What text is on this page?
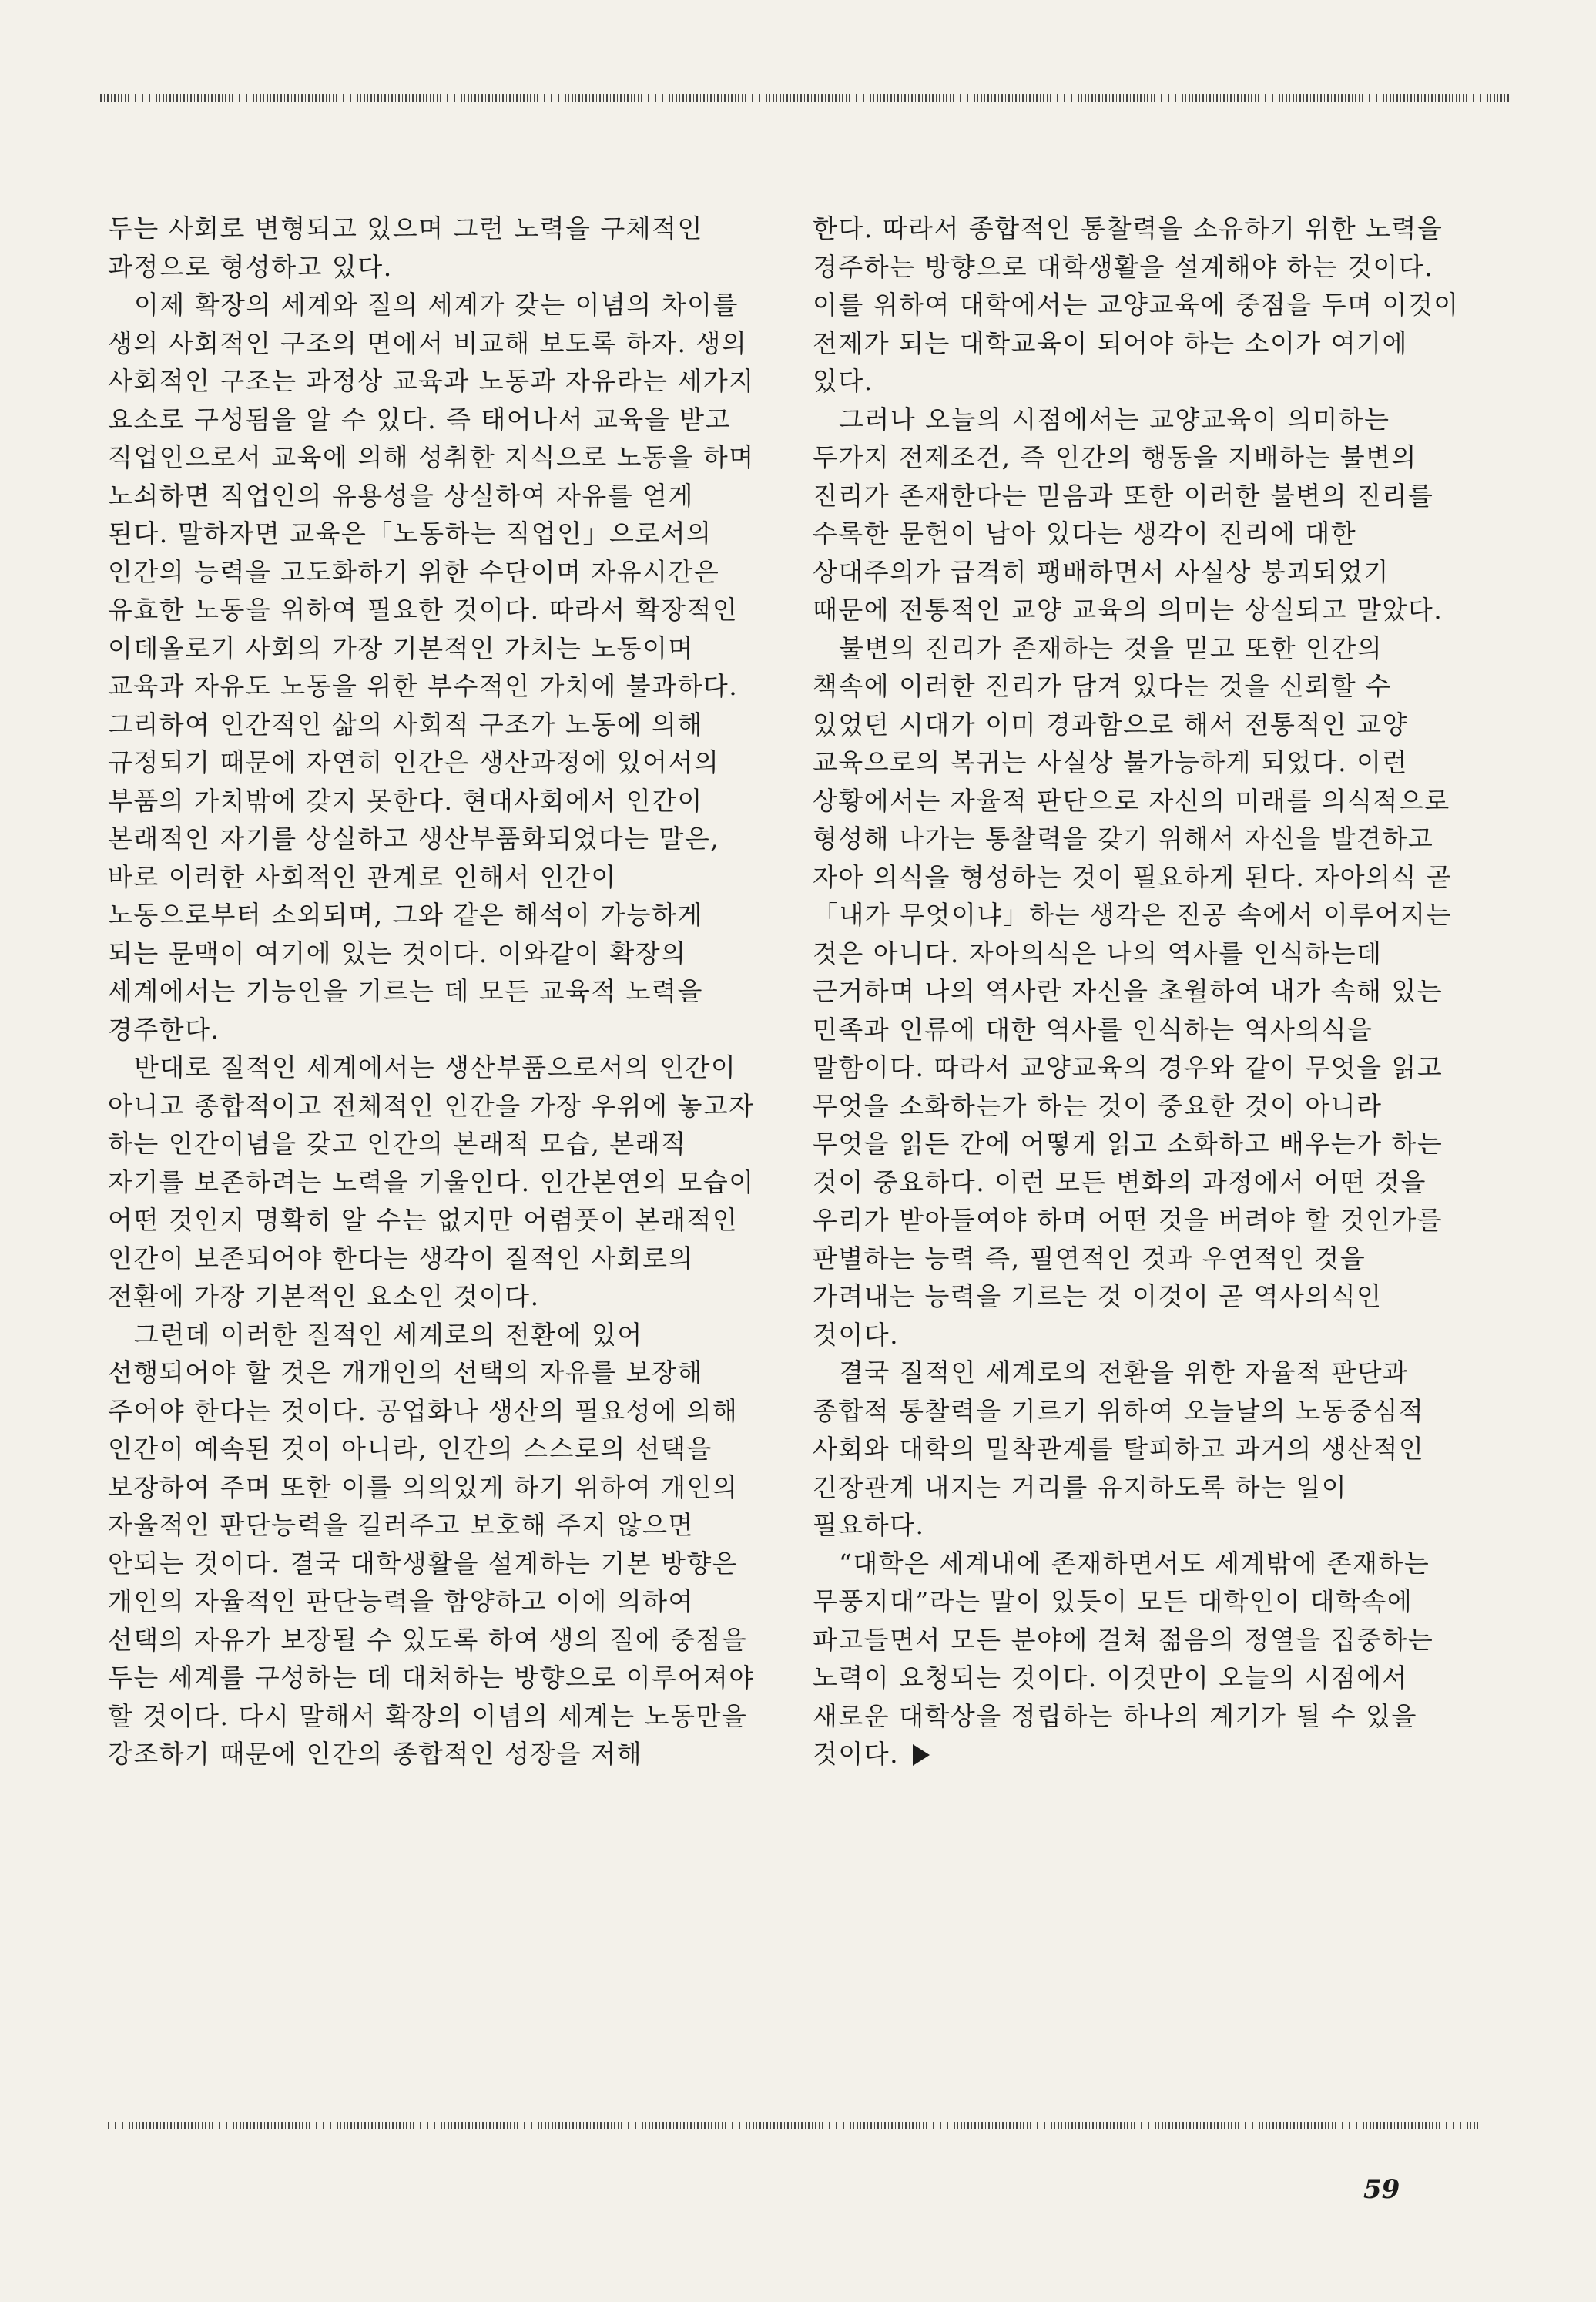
두는 사회로 변형되고 있으며 그런 노력을 구체적인 과정으로 형성하고 있다.

이제 확장의 세계와 질의 세계가 갖는 이념의 차이를 생의 사회적인 구조의 면에서 비교해 보도록 하자. 생의 사회적인 구조는 과정상 교육과 노동과 자유라는 세가지 요소로 구성됨을 알 수 있다. 즉 태어나서 교육을 받고 직업인으로서 교육에 의해 성취한 지식으로 노동을 하며 노쇠하면 직업인의 유용성을 상실하여 자유를 얻게 된다. 말하자면 교육은「노동하는 직업인」으로서의 인간의 능력을 고도화하기 위한 수단이며 자유시간은 유효한 노동을 위하여 필요한 것이다. 따라서 확장적인 이데올로기 사회의 가장 기본적인 가치는 노동이며 교육과 자유도 노동을 위한 부수적인 가치에 불과하다. 그리하여 인간적인 삶의 사회적 구조가 노동에 의해 규정되기 때문에 자연히 인간은 생산과정에 있어서의 부품의 가치밖에 갖지 못한다. 현대사회에서 인간이 본래적인 자기를 상실하고 생산부품화되었다는 말은, 바로 이러한 사회적인 관계로 인해서 인간이 노동으로부터 소외되며, 그와 같은 해석이 가능하게 되는 문맥이 여기에 있는 것이다. 이와같이 확장의 세계에서는 기능인을 기르는 데 모든 교육적 노력을 경주한다.

반대로 질적인 세계에서는 생산부품으로서의 인간이 아니고 종합적이고 전체적인 인간을 가장 우위에 놓고자 하는 인간이념을 갖고 인간의 본래적 모습, 본래적 자기를 보존하려는 노력을 기울인다. 인간본연의 모습이 어떤 것인지 명확히 알 수는 없지만 어렴풋이 본래적인 인간이 보존되어야 한다는 생각이 질적인 사회로의 전환에 가장 기본적인 요소인 것이다.

그런데 이러한 질적인 세계로의 전환에 있어 선행되어야 할 것은 개개인의 선택의 자유를 보장해 주어야 한다는 것이다. 공업화나 생산의 필요성에 의해 인간이 예속된 것이 아니라, 인간의 스스로의 선택을 보장하여 주며 또한 이를 의의있게 하기 위하여 개인의 자율적인 판단능력을 길러주고 보호해 주지 않으면 안되는 것이다. 결국 대학생활을 설계하는 기본 방향은 개인의 자율적인 판단능력을 함양하고 이에 의하여 선택의 자유가 보장될 수 있도록 하여 생의 질에 중점을 두는 세계를 구성하는 데 대처하는 방향으로 이루어져야 할 것이다. 다시 말해서 확장의 이념의 세계는 노동만을 강조하기 때문에 인간의 종합적인 성장을 저해

한다. 따라서 종합적인 통찰력을 소유하기 위한 노력을 경주하는 방향으로 대학생활을 설계해야 하는 것이다. 이를 위하여 대학에서는 교양교육에 중점을 두며 이것이 전제가 되는 대학교육이 되어야 하는 소이가 여기에 있다.

그러나 오늘의 시점에서는 교양교육이 의미하는 두가지 전제조건, 즉 인간의 행동을 지배하는 불변의 진리가 존재한다는 믿음과 또한 이러한 불변의 진리를 수록한 문헌이 남아 있다는 생각이 진리에 대한 상대주의가 급격히 팽배하면서 사실상 붕괴되었기 때문에 전통적인 교양 교육의 의미는 상실되고 말았다.

불변의 진리가 존재하는 것을 믿고 또한 인간의 책속에 이러한 진리가 담겨 있다는 것을 신뢰할 수 있었던 시대가 이미 경과함으로 해서 전통적인 교양 교육으로의 복귀는 사실상 불가능하게 되었다. 이런 상황에서는 자율적 판단으로 자신의 미래를 의식적으로 형성해 나가는 통찰력을 갖기 위해서 자신을 발견하고 자아 의식을 형성하는 것이 필요하게 된다. 자아의식 곧「내가 무엇이냐」하는 생각은 진공 속에서 이루어지는 것은 아니다. 자아의식은 나의 역사를 인식하는데 근거하며 나의 역사란 자신을 초월하여 내가 속해 있는 민족과 인류에 대한 역사를 인식하는 역사의식을 말함이다. 따라서 교양교육의 경우와 같이 무엇을 읽고 무엇을 소화하는가 하는 것이 중요한 것이 아니라 무엇을 읽든 간에 어떻게 읽고 소화하고 배우는가 하는 것이 중요하다. 이런 모든 변화의 과정에서 어떤 것을 우리가 받아들여야 하며 어떤 것을 버려야 할 것인가를 판별하는 능력 즉, 필연적인 것과 우연적인 것을 가려내는 능력을 기르는 것 이것이 곧 역사의식인 것이다.

결국 질적인 세계로의 전환을 위한 자율적 판단과 종합적 통찰력을 기르기 위하여 오늘날의 노동중심적 사회와 대학의 밀착관계를 탈피하고 과거의 생산적인 긴장관계 내지는 거리를 유지하도록 하는 일이 필요하다.

“대학은 세계내에 존재하면서도 세계밖에 존재하는 무풍지대”라는 말이 있듯이 모든 대학인이 대학속에 파고들면서 모든 분야에 걸쳐 젊음의 정열을 집중하는 노력이 요청되는 것이다. 이것만이 오늘의 시점에서 새로운 대학상을 정립하는 하나의 계기가 될 수 있을 것이다.

59
